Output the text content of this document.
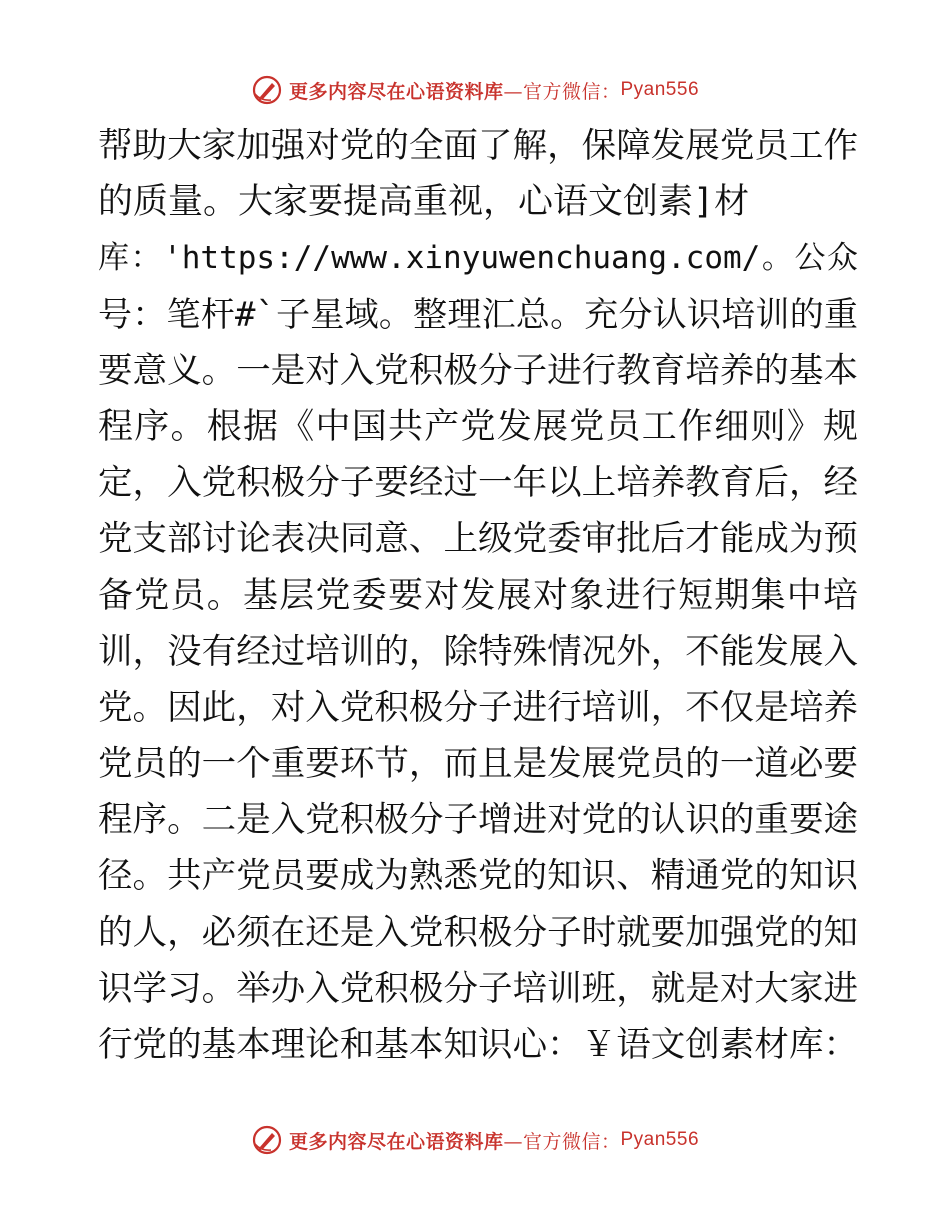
更多内容尽在心语资料库 —官方微信： Pyan556
帮助大家加强对党的全面了解，保障发展党员工作
的质量。大家要提高重视，心语文创素]材
库：'https://www.xinyuwenchuang.com/。公众
号：笔杆#`子星域。整理汇总。充分认识培训的重
要意义。一是对入党积极分子进行教育培养的基本
程序。根据《中国共产党发展党员工作细则》规
定，入党积极分子要经过一年以上培养教育后，经
党支部讨论表决同意、上级党委审批后才能成为预
备党员。基层党委要对发展对象进行短期集中培
训，没有经过培训的，除特殊情况外，不能发展入
党。因此，对入党积极分子进行培训，不仅是培养
党员的一个重要环节，而且是发展党员的一道必要
程序。二是入党积极分子增进对党的认识的重要途
径。共产党员要成为熟悉党的知识、精通党的知识
的人，必须在还是入党积极分子时就要加强党的知
识学习。举办入党积极分子培训班，就是对大家进
行党的基本理论和基本知识心：￥语文创素材库：
更多内容尽在心语资料库 —官方微信： Pyan556
